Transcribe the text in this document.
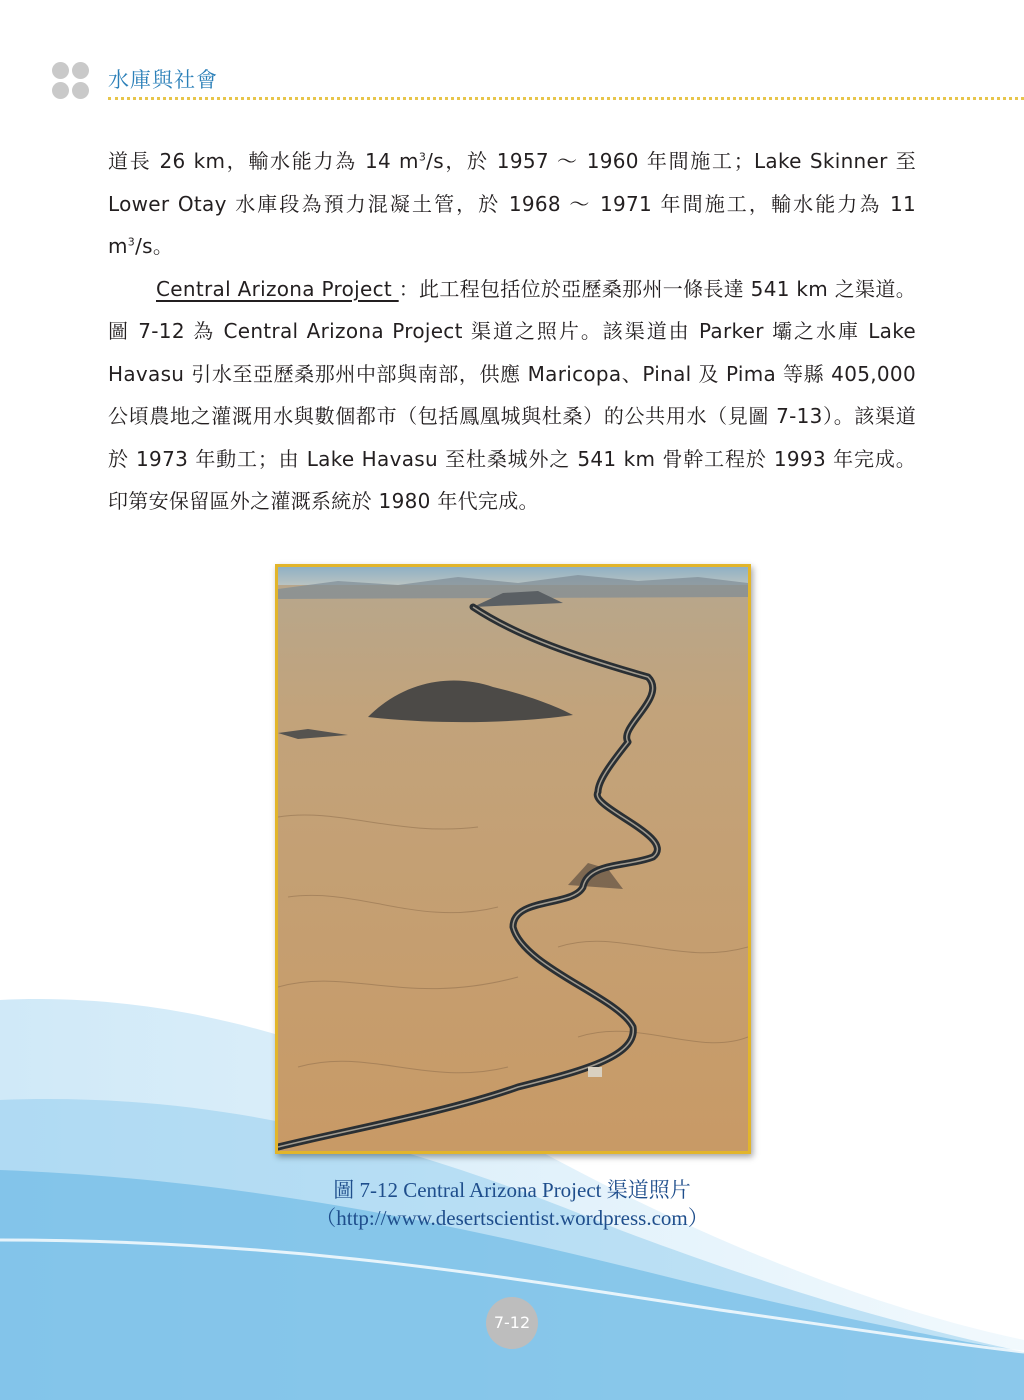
水庫與社會

道長 26 km，輸水能力為 14 $m^3/s$，於 1957 ～ 1960 年間施工；Lake Skinner 至 Lower Otay 水庫段為預力混凝土管，於 1968 ～ 1971 年間施工，輸水能力為 11 $m^3/s$。

Central Arizona Project ：此工程包括位於亞歷桑那州一條長達 541 km 之渠道。圖 7-12 為 Central Arizona Project 渠道之照片。該渠道由 Parker 壩之水庫 Lake Havasu 引水至亞歷桑那州中部與南部，供應 Maricopa、Pinal 及 Pima 等縣 405,000 公頃農地之灌溉用水與數個都市（包括鳳凰城與杜桑）的公共用水（見圖 7-13）。該渠道於 1973 年動工；由 Lake Havasu 至杜桑城外之 541 km 骨幹工程於 1993 年完成。印第安保留區外之灌溉系統於 1980 年代完成。

圖 7-12 Central Arizona Project 渠道照片
（http://www.desertscientist.wordpress.com）
7-12
